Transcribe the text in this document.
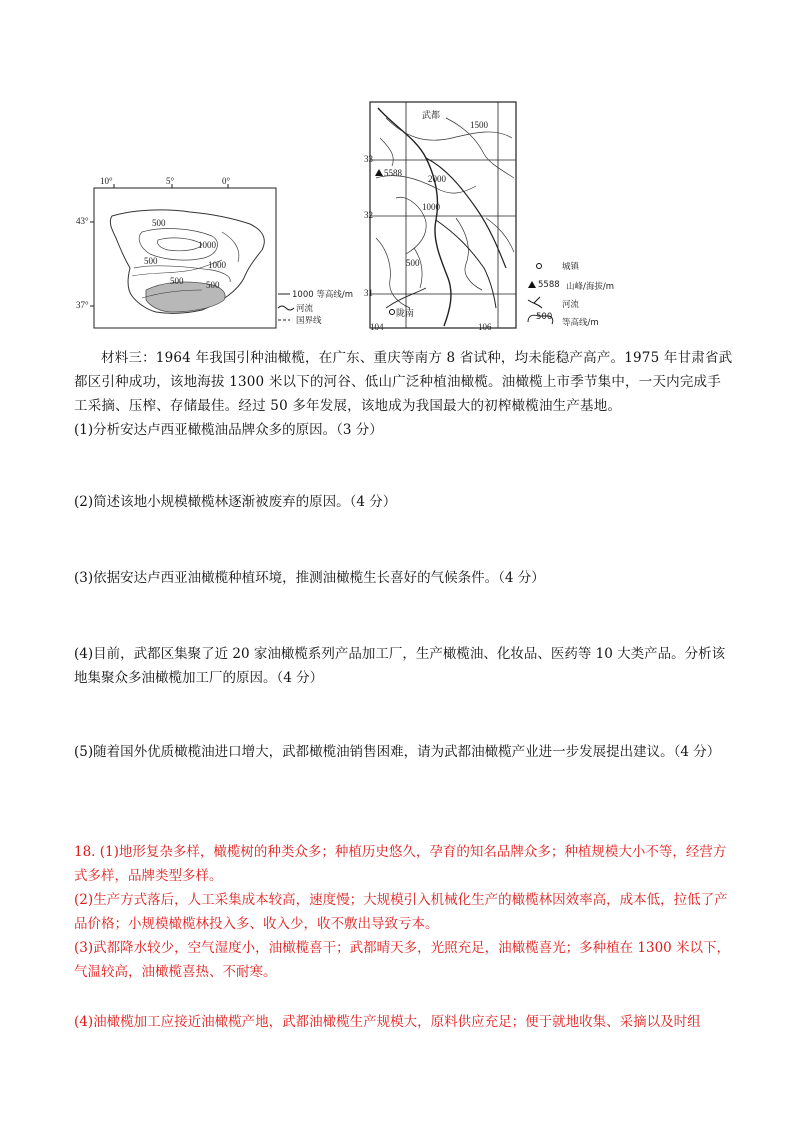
10°	5°	0°
43°
37°
500
1000
500	1000
500	500
1000 等高线/m
河流
国界线
33
32
31
104	106
5588
1500
2000
1000
500
武都
陇南
城镇
5588 山峰/海拔/m
河流
500
等高线/m
材料三：1964 年我国引种油橄榄，在广东、重庆等南方 8 省试种，均未能稳产高产。1975 年甘肃省武都区引种成功，该地海拔 1300 米以下的河谷、低山广泛种植油橄榄。油橄榄上市季节集中，一天内完成手工采摘、压榨、存储最佳。经过 50 多年发展，该地成为我国最大的初榨橄榄油生产基地。
(1)分析安达卢西亚橄榄油品牌众多的原因。（3 分）
(2)简述该地小规模橄榄林逐渐被废弃的原因。（4 分）
(3)依据安达卢西亚油橄榄种植环境，推测油橄榄生长喜好的气候条件。（4 分）
(4)目前，武都区集聚了近 20 家油橄榄系列产品加工厂，生产橄榄油、化妆品、医药等 10 大类产品。分析该地集聚众多油橄榄加工厂的原因。（4 分）
(5)随着国外优质橄榄油进口增大，武都橄榄油销售困难，请为武都油橄榄产业进一步发展提出建议。（4 分）
18. (1)地形复杂多样，橄榄树的种类众多；种植历史悠久，孕育的知名品牌众多；种植规模大小不等，经营方式多样，品牌类型多样。
(2)生产方式落后，人工采集成本较高，速度慢；大规模引入机械化生产的橄榄林因效率高，成本低，拉低了产品价格；小规模橄榄林投入多、收入少，收不敷出导致亏本。
(3)武都降水较少，空气湿度小，油橄榄喜干；武都晴天多，光照充足，油橄榄喜光；多种植在 1300 米以下，气温较高，油橄榄喜热、不耐寒。
(4)油橄榄加工应接近油橄榄产地，武都油橄榄生产规模大，原料供应充足；便于就地收集、采摘以及时组
